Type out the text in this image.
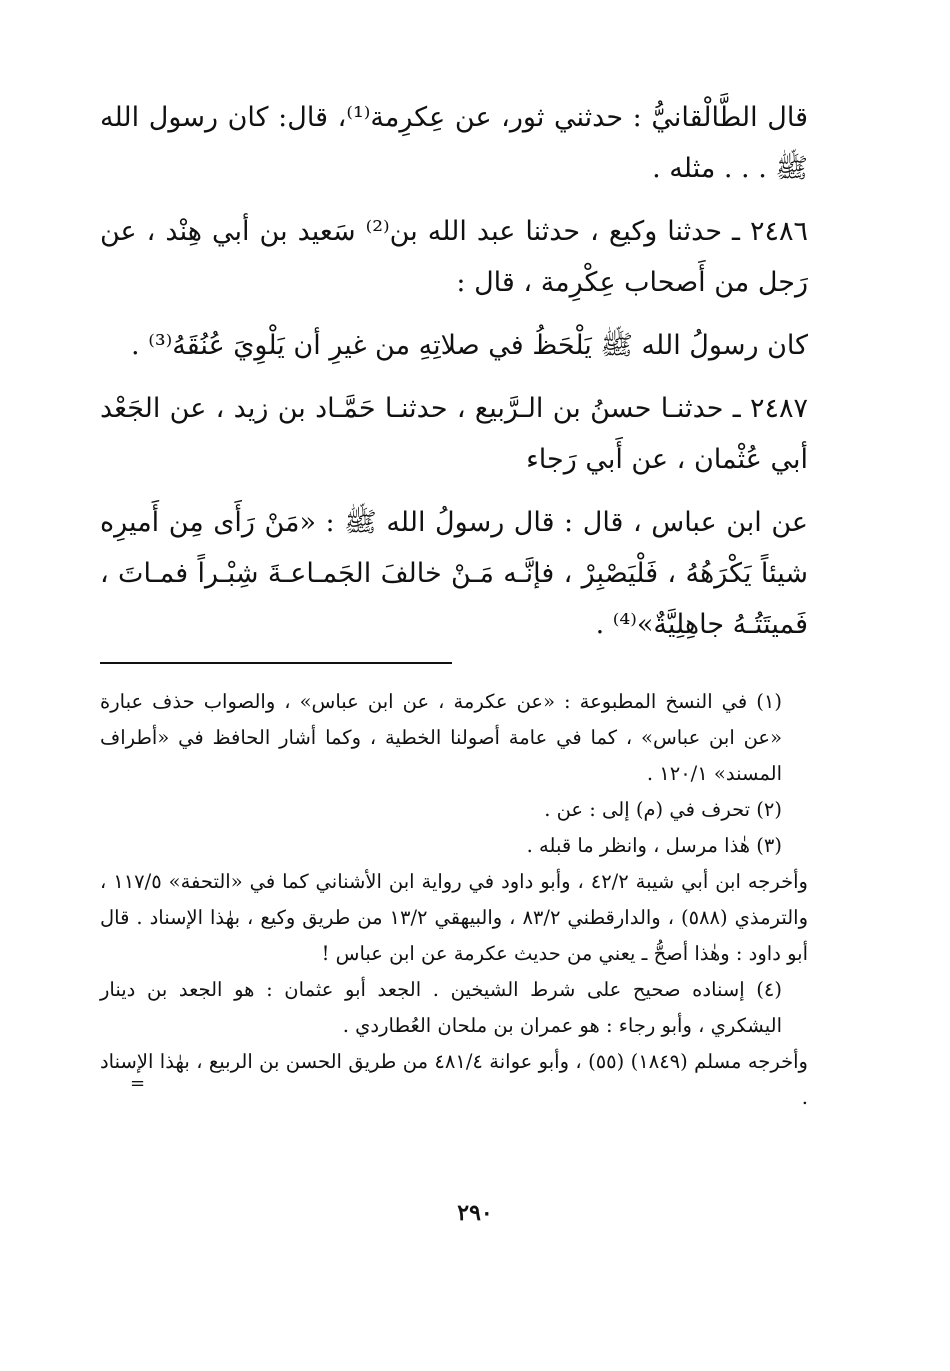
قال الطَّالْقانيُّ : حدثني ثور، عن عِكرِمة⁽¹⁾، قال: كان رسول الله ﷺ . . . مثله .

٢٤٨٦ ـ حدثنا وكيع ، حدثنا عبد الله بن⁽²⁾ سَعيد بن أبي هِنْد ، عن رَجل من أَصحاب عِكْرِمة ، قال :

كان رسولُ الله ﷺ يَلْحَظُ في صلاتِهِ من غيرِ أن يَلْوِيَ عُنُقَهُ⁽³⁾ .

٢٤٨٧ ـ حدثنـا حسنُ بن الـرَّبيع ، حدثنـا حَمَّـاد بن زيد ، عن الجَعْد أبي عُثْمان ، عن أَبي رَجاء

عن ابن عباس ، قال : قال رسولُ الله ﷺ : «مَنْ رَأَى مِن أَميرِه شيئاً يَكْرَهُهُ ، فَلْيَصْبِرْ ، فإنَّـه مَـنْ خالفَ الجَمـاعـةَ شِبْـراً فمـاتَ ، فَميتَتُـهُ جاهِلِيَّةٌ»⁽⁴⁾ .

(١) في النسخ المطبوعة : «عن عكرمة ، عن ابن عباس» ، والصواب حذف عبارة «عن ابن عباس» ، كما في عامة أصولنا الخطية ، وكما أشار الحافظ في «أطراف المسند» ١٢٠/١ .

(٢) تحرف في (م) إلى : عن .

(٣) هٰذا مرسل ، وانظر ما قبله .

وأخرجه ابن أبي شيبة ٤٢/٢ ، وأبو داود في رواية ابن الأشناني كما في «التحفة» ١١٧/٥ ، والترمذي (٥٨٨) ، والدارقطني ٨٣/٢ ، والبيهقي ١٣/٢ من طريق وكيع ، بهٰذا الإسناد . قال أبو داود : وهٰذا أصحُّ ـ يعني من حديث عكرمة عن ابن عباس !

(٤) إسناده صحيح على شرط الشيخين . الجعد أبو عثمان : هو الجعد بن دينار اليشكري ، وأبو رجاء : هو عمران بن ملحان العُطاردي .

وأخرجه مسلم (١٨٤٩) (٥٥) ، وأبو عوانة ٤٨١/٤ من طريق الحسن بن الربيع ، بهٰذا الإسناد .
=

٢٩٠
